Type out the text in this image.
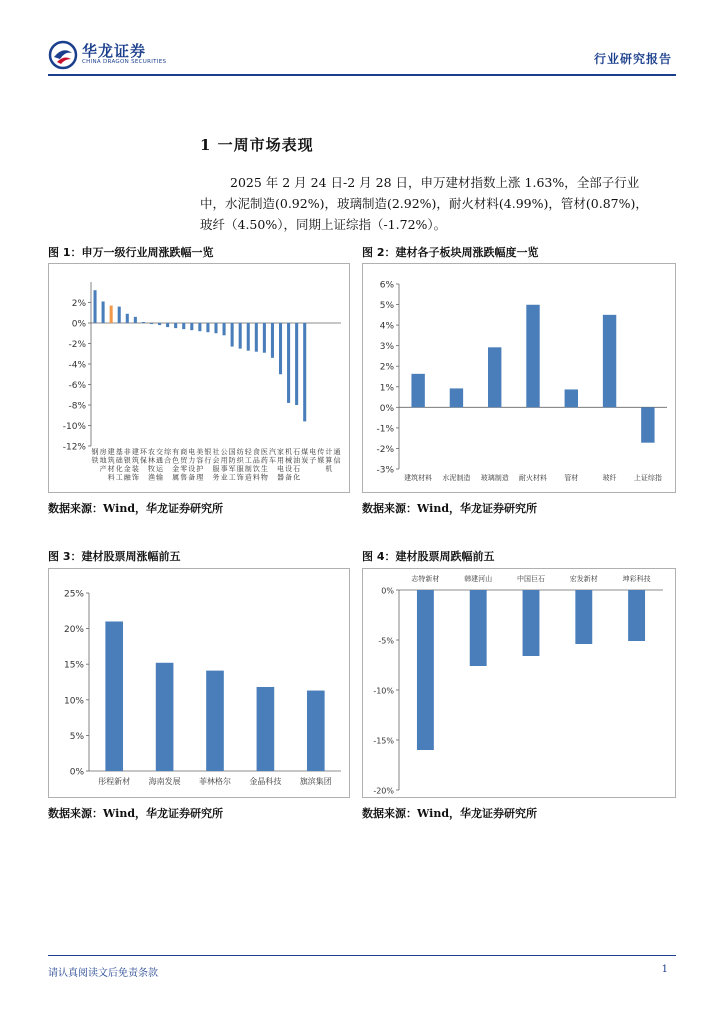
华龙证券
CHINA DRAGON SECURITIES	行业研究报告
1 一周市场表现
2025 年 2 月 24 日-2 月 28 日，申万建材指数上涨 1.63%，全部子行业
中，水泥制造(0.92%)，玻璃制造(2.92%)，耐火材料(4.99%)，管材(0.87%)，
玻纤（4.50%），同期上证综指（-1.72%）。
图 1：申万一级行业周涨跌幅一览	图 2：建材各子板块周涨跌幅度一览
2%
0%
-2%
-4%
-6%
-8%
-10%
-12% 钢
铁
房
地
产
建
筑
材
料
基
础
化
工
非
银
金
融
建
筑
装
饰
环
保
农
林
牧
渔
交
通
运
输
综
合
有
色
金
属
商
贸
零
售
电
力
设
备
美
容
护
理
银
行
社
会
服
务
公
用
事
业
国
防
军
工
纺
织
服
饰
轻
工
制
造
食
品
饮
料
医
药
生
物
汽
车
家
用
电
器
机
械
设
备
石
油
石
化
煤
炭
电
子
传
媒
计
算
机
通
信
6%
5%
4%
3%
2%
1%
0%
-1%
-2%
-3%
建筑材料 水泥制造 玻璃制造 耐火材料 管材	玻纤 上证综指
数据来源：Wind，华龙证券研究所	数据来源：Wind，华龙证券研究所
图 3：建材股票周涨幅前五	图 4：建材股票周跌幅前五
25%
20%
15%
10%
5%
0%
彤程新材 海南发展 菲林格尔 金晶科技 旗滨集团
0%
-5%
-10%
-15%
-20%
志特新材	韩建河山	中国巨石	宏发新材	坤彩科技
数据来源：Wind，华龙证券研究所	数据来源：Wind，华龙证券研究所
请认真阅读文后免责条款	1
